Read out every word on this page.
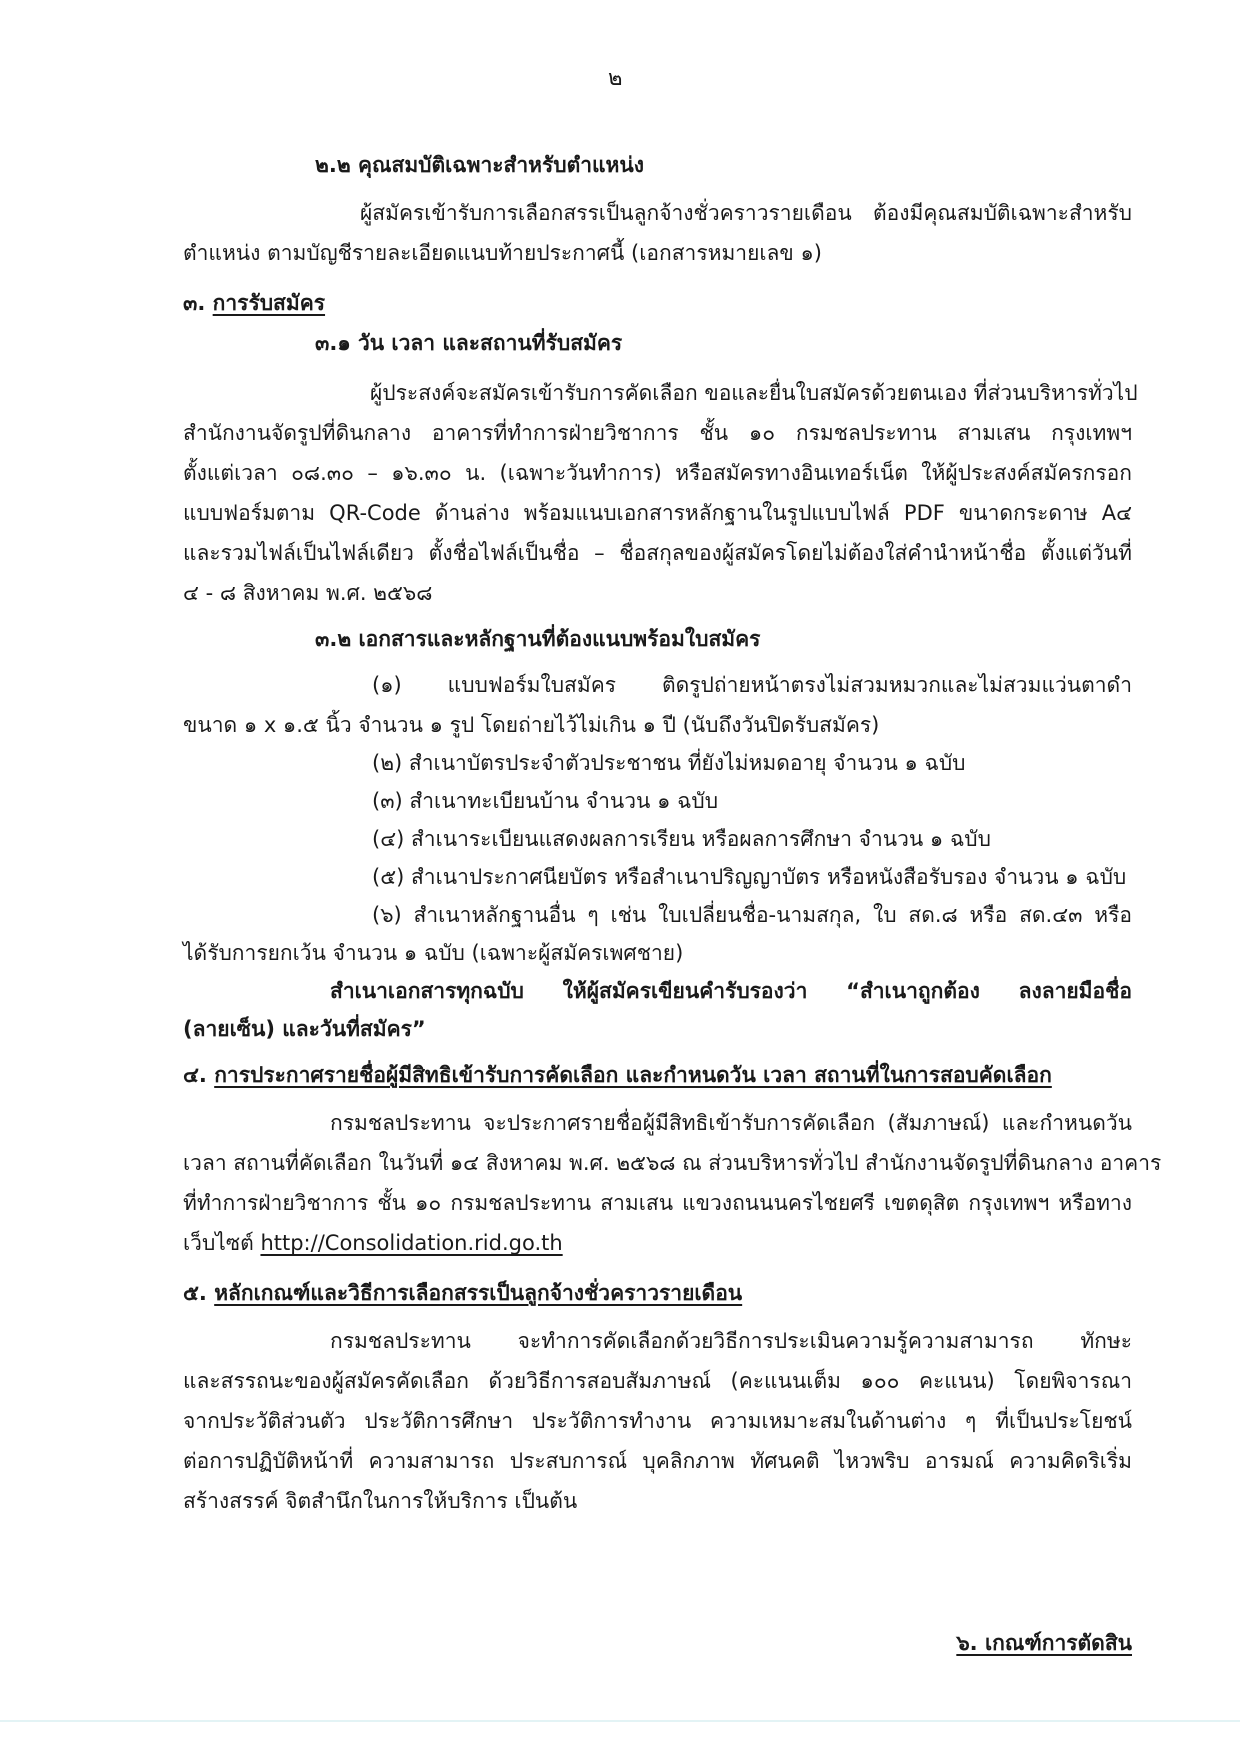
๒

๒.๒ คุณสมบัติเฉพาะสำหรับตำแหน่ง

ผู้สมัครเข้ารับการเลือกสรรเป็นลูกจ้างชั่วคราวรายเดือน ต้องมีคุณสมบัติเฉพาะสำหรับ

ตำแหน่ง ตามบัญชีรายละเอียดแนบท้ายประกาศนี้ (เอกสารหมายเลข ๑)

๓. การรับสมัคร

๓.๑ วัน เวลา และสถานที่รับสมัคร

ผู้ประสงค์จะสมัครเข้ารับการคัดเลือก ขอและยื่นใบสมัครด้วยตนเอง ที่ส่วนบริหารทั่วไป

สำนักงานจัดรูปที่ดินกลาง อาคารที่ทำการฝ่ายวิชาการ ชั้น ๑๐ กรมชลประทาน สามเสน กรุงเทพฯ

ตั้งแต่เวลา ๐๘.๓๐ – ๑๖.๓๐ น. (เฉพาะวันทำการ) หรือสมัครทางอินเทอร์เน็ต ให้ผู้ประสงค์สมัครกรอก

แบบฟอร์มตาม QR-Code ด้านล่าง พร้อมแนบเอกสารหลักฐานในรูปแบบไฟล์ PDF ขนาดกระดาษ A๔

และรวมไฟล์เป็นไฟล์เดียว ตั้งชื่อไฟล์เป็นชื่อ – ชื่อสกุลของผู้สมัครโดยไม่ต้องใส่คำนำหน้าชื่อ ตั้งแต่วันที่

๔ - ๘ สิงหาคม พ.ศ. ๒๕๖๘

๓.๒ เอกสารและหลักฐานที่ต้องแนบพร้อมใบสมัคร

(๑) แบบฟอร์มใบสมัคร ติดรูปถ่ายหน้าตรงไม่สวมหมวกและไม่สวมแว่นตาดำ

ขนาด ๑ x ๑.๕ นิ้ว จำนวน ๑ รูป โดยถ่ายไว้ไม่เกิน ๑ ปี (นับถึงวันปิดรับสมัคร)

(๒) สำเนาบัตรประจำตัวประชาชน ที่ยังไม่หมดอายุ จำนวน ๑ ฉบับ

(๓) สำเนาทะเบียนบ้าน จำนวน ๑ ฉบับ

(๔) สำเนาระเบียนแสดงผลการเรียน หรือผลการศึกษา จำนวน ๑ ฉบับ

(๕) สำเนาประกาศนียบัตร หรือสำเนาปริญญาบัตร หรือหนังสือรับรอง จำนวน ๑ ฉบับ

(๖) สำเนาหลักฐานอื่น ๆ เช่น ใบเปลี่ยนชื่อ-นามสกุล, ใบ สด.๘ หรือ สด.๔๓ หรือ

ได้รับการยกเว้น จำนวน ๑ ฉบับ (เฉพาะผู้สมัครเพศชาย)

สำเนาเอกสารทุกฉบับ ให้ผู้สมัครเขียนคำรับรองว่า “สำเนาถูกต้อง ลงลายมือชื่อ

(ลายเซ็น) และวันที่สมัคร”

๔. การประกาศรายชื่อผู้มีสิทธิเข้ารับการคัดเลือก และกำหนดวัน เวลา สถานที่ในการสอบคัดเลือก

กรมชลประทาน จะประกาศรายชื่อผู้มีสิทธิเข้ารับการคัดเลือก (สัมภาษณ์) และกำหนดวัน

เวลา สถานที่คัดเลือก ในวันที่ ๑๔ สิงหาคม พ.ศ. ๒๕๖๘ ณ ส่วนบริหารทั่วไป สำนักงานจัดรูปที่ดินกลาง อาคาร

ที่ทำการฝ่ายวิชาการ ชั้น ๑๐ กรมชลประทาน สามเสน แขวงถนนนครไชยศรี เขตดุสิต กรุงเทพฯ หรือทาง

เว็บไซต์ http://Consolidation.rid.go.th

๕. หลักเกณฑ์และวิธีการเลือกสรรเป็นลูกจ้างชั่วคราวรายเดือน

กรมชลประทาน จะทำการคัดเลือกด้วยวิธีการประเมินความรู้ความสามารถ ทักษะ

และสรรถนะของผู้สมัครคัดเลือก ด้วยวิธีการสอบสัมภาษณ์ (คะแนนเต็ม ๑๐๐ คะแนน) โดยพิจารณา

จากประวัติส่วนตัว ประวัติการศึกษา ประวัติการทำงาน ความเหมาะสมในด้านต่าง ๆ ที่เป็นประโยชน์

ต่อการปฏิบัติหน้าที่ ความสามารถ ประสบการณ์ บุคลิกภาพ ทัศนคติ ไหวพริบ อารมณ์ ความคิดริเริ่ม

สร้างสรรค์ จิตสำนึกในการให้บริการ เป็นต้น

๖. เกณฑ์การตัดสิน
